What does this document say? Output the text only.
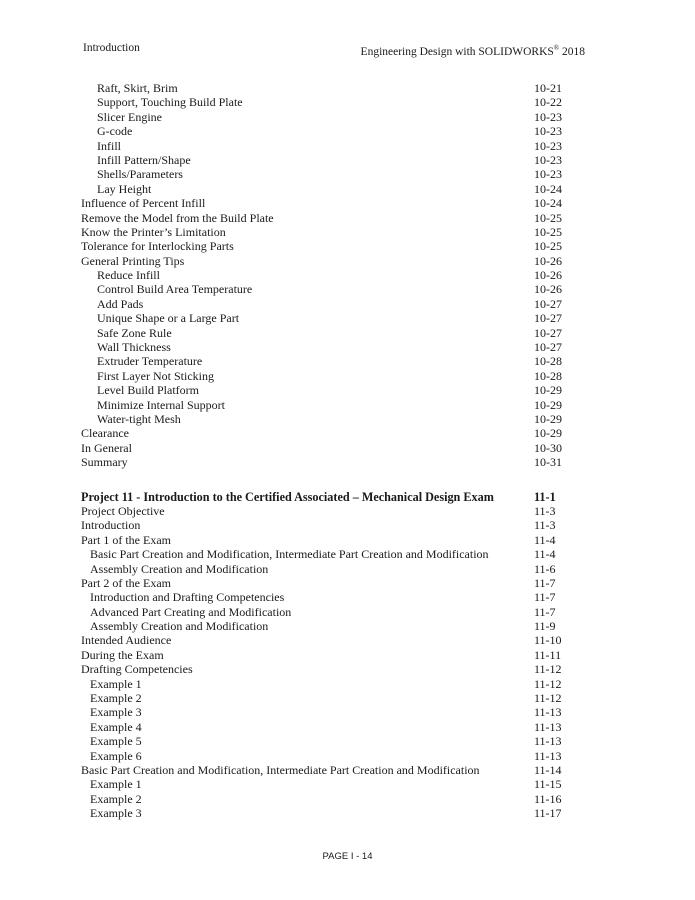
Introduction	Engineering Design with SOLIDWORKS® 2018
Raft, Skirt, Brim	10-21
Support, Touching Build Plate	10-22
Slicer Engine	10-23
G-code	10-23
Infill	10-23
Infill Pattern/Shape	10-23
Shells/Parameters	10-23
Lay Height	10-24
Influence of Percent Infill	10-24
Remove the Model from the Build Plate	10-25
Know the Printer’s Limitation	10-25
Tolerance for Interlocking Parts	10-25
General Printing Tips	10-26
Reduce Infill	10-26
Control Build Area Temperature	10-26
Add Pads	10-27
Unique Shape or a Large Part	10-27
Safe Zone Rule	10-27
Wall Thickness	10-27
Extruder Temperature	10-28
First Layer Not Sticking	10-28
Level Build Platform	10-29
Minimize Internal Support	10-29
Water-tight Mesh	10-29
Clearance	10-29
In General	10-30
Summary	10-31
Project 11 - Introduction to the Certified Associated – Mechanical Design Exam	11-1
Project Objective	11-3
Introduction	11-3
Part 1 of the Exam	11-4
Basic Part Creation and Modification, Intermediate Part Creation and Modification	11-4
Assembly Creation and Modification	11-6
Part 2 of the Exam	11-7
Introduction and Drafting Competencies	11-7
Advanced Part Creating and Modification	11-7
Assembly Creation and Modification	11-9
Intended Audience	11-10
During the Exam	11-11
Drafting Competencies	11-12
Example 1	11-12
Example 2	11-12
Example 3	11-13
Example 4	11-13
Example 5	11-13
Example 6	11-13
Basic Part Creation and Modification, Intermediate Part Creation and Modification	11-14
Example 1	11-15
Example 2	11-16
Example 3	11-17
PAGE I - 14
